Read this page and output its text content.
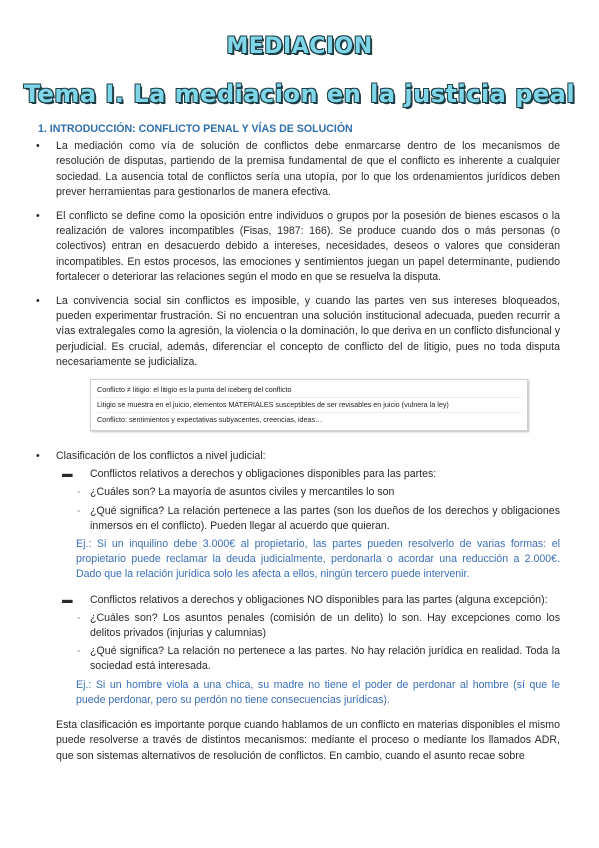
MEDIACION
Tema I. La mediacion en la justicia peal
1. INTRODUCCIÓN: CONFLICTO PENAL Y VÍAS DE SOLUCIÓN
• La mediación como vía de solución de conflictos debe enmarcarse dentro de los mecanismos de resolución de disputas, partiendo de la premisa fundamental de que el conflicto es inherente a cualquier sociedad. La ausencia total de conflictos sería una utopía, por lo que los ordenamientos jurídicos deben prever herramientas para gestionarlos de manera efectiva.
• El conflicto se define como la oposición entre individuos o grupos por la posesión de bienes escasos o la realización de valores incompatibles (Fisas, 1987: 166). Se produce cuando dos o más personas (o colectivos) entran en desacuerdo debido a intereses, necesidades, deseos o valores que consideran incompatibles. En estos procesos, las emociones y sentimientos juegan un papel determinante, pudiendo fortalecer o deteriorar las relaciones según el modo en que se resuelva la disputa.
• La convivencia social sin conflictos es imposible, y cuando las partes ven sus intereses bloqueados, pueden experimentar frustración. Si no encuentran una solución institucional adecuada, pueden recurrir a vías extralegales como la agresión, la violencia o la dominación, lo que deriva en un conflicto disfuncional y perjudicial. Es crucial, además, diferenciar el concepto de conflicto del de litigio, pues no toda disputa necesariamente se judicializa.
Conflicto ≠ litigio: el litigio es la punta del iceberg del conflicto
Litigio se muestra en el juicio, elementos MATERIALES susceptibles de ser revisables en juicio (vulnera la ley)
Conflicto: sentimientos y expectativas subyacentes, creencias, ideas…
• Clasificación de los conflictos a nivel judicial:
▬ Conflictos relativos a derechos y obligaciones disponibles para las partes:
- ¿Cuáles son? La mayoría de asuntos civiles y mercantiles lo son
- ¿Qué significa? La relación pertenece a las partes (son los dueños de los derechos y obligaciones inmersos en el conflicto). Pueden llegar al acuerdo que quieran.
Ej.: Si un inquilino debe 3.000€ al propietario, las partes pueden resolverlo de varias formas: el propietario puede reclamar la deuda judicialmente, perdonarla o acordar una reducción a 2.000€. Dado que la relación jurídica solo les afecta a ellos, ningún tercero puede intervenir.
▬ Conflictos relativos a derechos y obligaciones NO disponibles para las partes (alguna excepción):
- ¿Cuáles son? Los asuntos penales (comisión de un delito) lo son. Hay excepciones como los delitos privados (injurias y calumnias)
- ¿Qué significa? La relación no pertenece a las partes. No hay relación jurídica en realidad. Toda la sociedad está interesada.
Ej.: Si un hombre viola a una chica, su madre no tiene el poder de perdonar al hombre (sí que le puede perdonar, pero su perdón no tiene consecuencias jurídicas).
Esta clasificación es importante porque cuando hablamos de un conflicto en materias disponibles el mismo puede resolverse a través de distintos mecanismos: mediante el proceso o mediante los llamados ADR, que son sistemas alternativos de resolución de conflictos. En cambio, cuando el asunto recae sobre
